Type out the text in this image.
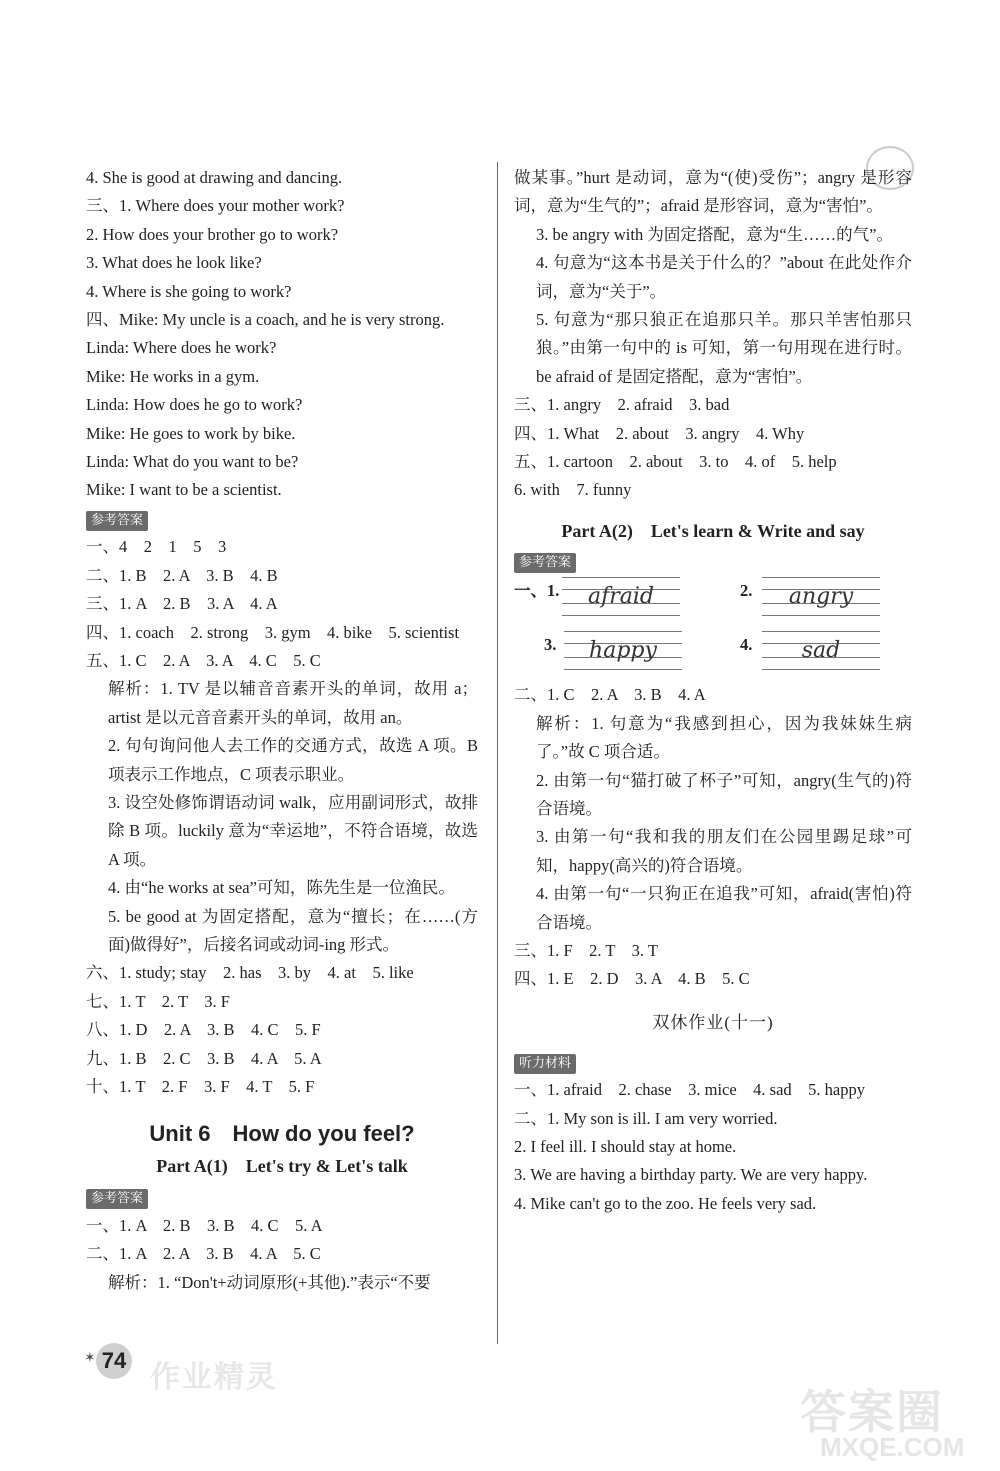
4. She is good at drawing and dancing.
三、1. Where does your mother work?
2. How does your brother go to work?
3. What does he look like?
4. Where is she going to work?
四、Mike: My uncle is a coach, and he is very strong.
Linda: Where does he work?
Mike: He works in a gym.
Linda: How does he go to work?
Mike: He goes to work by bike.
Linda: What do you want to be?
Mike: I want to be a scientist.
参考答案
一、4　2　1　5　3
二、1. B　2. A　3. B　4. B
三、1. A　2. B　3. A　4. A
四、1. coach　2. strong　3. gym　4. bike　5. scientist
五、1. C　2. A　3. A　4. C　5. C
解析：1. TV 是以辅音音素开头的单词，故用 a；artist 是以元音音素开头的单词，故用 an。
2. 句句询问他人去工作的交通方式，故选 A 项。B 项表示工作地点，C 项表示职业。
3. 设空处修饰谓语动词 walk，应用副词形式，故排除 B 项。luckily 意为“幸运地”，不符合语境，故选 A 项。
4. 由“he works at sea”可知，陈先生是一位渔民。
5. be good at 为固定搭配，意为“擅长；在……(方面)做得好”，后接名词或动词-ing 形式。
六、1. study; stay　2. has　3. by　4. at　5. like
七、1. T　2. T　3. F
八、1. D　2. A　3. B　4. C　5. F
九、1. B　2. C　3. B　4. A　5. A
十、1. T　2. F　3. F　4. T　5. F
Unit 6　How do you feel?
Part A(1)　Let's try & Let's talk
参考答案
一、1. A　2. B　3. B　4. C　5. A
二、1. A　2. A　3. B　4. A　5. C
解析：1. “Don't+动词原形(+其他).”表示“不要
做某事。”hurt 是动词，意为“(使)受伤”；angry 是形容词，意为“生气的”；afraid 是形容词，意为“害怕”。
3. be angry with 为固定搭配，意为“生……的气”。
4. 句意为“这本书是关于什么的？”about 在此处作介词，意为“关于”。
5. 句意为“那只狼正在追那只羊。那只羊害怕那只狼。”由第一句中的 is 可知，第一句用现在进行时。be afraid of 是固定搭配，意为“害怕”。
三、1. angry　2. afraid　3. bad
四、1. What　2. about　3. angry　4. Why
五、1. cartoon　2. about　3. to　4. of　5. help
6. with　7. funny
Part A(2)　Let's learn & Write and say
参考答案
一、1.	afraid	2.	angry
3.	happy	4.	sad
二、1. C　2. A　3. B　4. A
解析：1. 句意为“我感到担心，因为我妹妹生病了。”故 C 项合适。
2. 由第一句“猫打破了杯子”可知，angry(生气的)符合语境。
3. 由第一句“我和我的朋友们在公园里踢足球”可知，happy(高兴的)符合语境。
4. 由第一句“一只狗正在追我”可知，afraid(害怕)符合语境。
三、1. F　2. T　3. T
四、1. E　2. D　3. A　4. B　5. C
双休作业(十一)
听力材料
一、1. afraid　2. chase　3. mice　4. sad　5. happy
二、1. My son is ill. I am very worried.
2. I feel ill. I should stay at home.
3. We are having a birthday party. We are very happy.
4. Mike can't go to the zoo. He feels very sad.
✶ 74
作业精灵
答案圈
MXQE.COM
